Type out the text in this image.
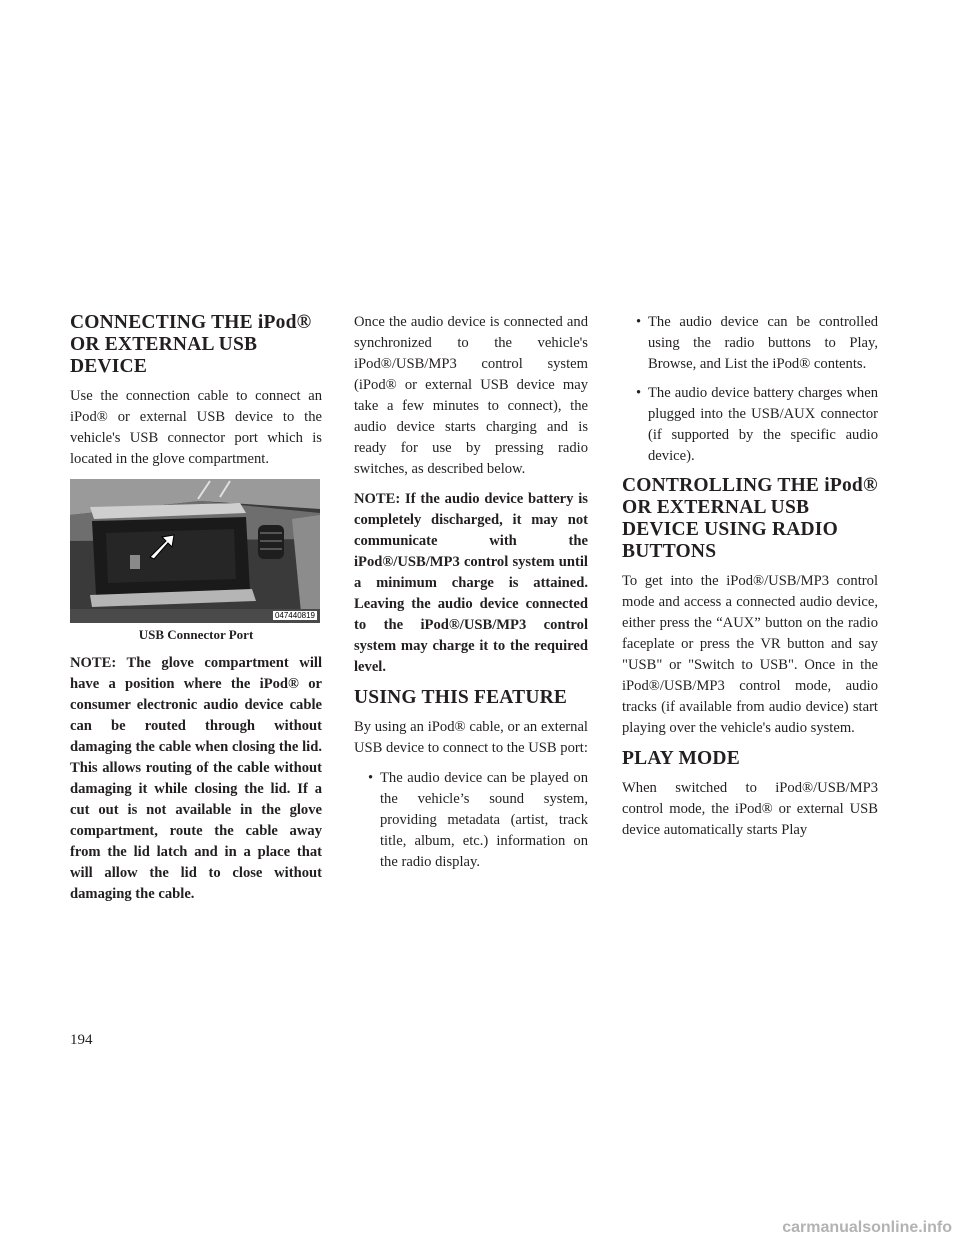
CONNECTING THE iPod® OR EXTERNAL USB DEVICE

Use the connection cable to connect an iPod® or external USB device to the vehicle's USB connector port which is located in the glove compartment.

047440819
USB Connector Port

NOTE: The glove compartment will have a position where the iPod® or consumer electronic audio device cable can be routed through without damaging the cable when closing the lid. This allows routing of the cable without damaging it while closing the lid. If a cut out is not available in the glove compartment, route the cable away from the lid latch and in a place that will allow the lid to close without damaging the cable.

Once the audio device is connected and synchronized to the vehicle's iPod®/USB/MP3 control system (iPod® or external USB device may take a few minutes to connect), the audio device starts charging and is ready for use by pressing radio switches, as described below.

NOTE: If the audio device battery is completely discharged, it may not communicate with the iPod®/USB/MP3 control system until a minimum charge is attained. Leaving the audio device connected to the iPod®/USB/MP3 control system may charge it to the required level.

USING THIS FEATURE

By using an iPod® cable, or an external USB device to connect to the USB port:

• The audio device can be played on the vehicle’s sound system, providing metadata (artist, track title, album, etc.) information on the radio display.
• The audio device can be controlled using the radio buttons to Play, Browse, and List the iPod® contents.
• The audio device battery charges when plugged into the USB/AUX connector (if supported by the specific audio device).
CONTROLLING THE iPod® OR EXTERNAL USB DEVICE USING RADIO BUTTONS

To get into the iPod®/USB/MP3 control mode and access a connected audio device, either press the “AUX” button on the radio faceplate or press the VR button and say "USB" or "Switch to USB". Once in the iPod®/USB/MP3 control mode, audio tracks (if available from audio device) start playing over the vehicle's audio system.

PLAY MODE

When switched to iPod®/USB/MP3 control mode, the iPod® or external USB device automatically starts Play

194
carmanualsonline.info
